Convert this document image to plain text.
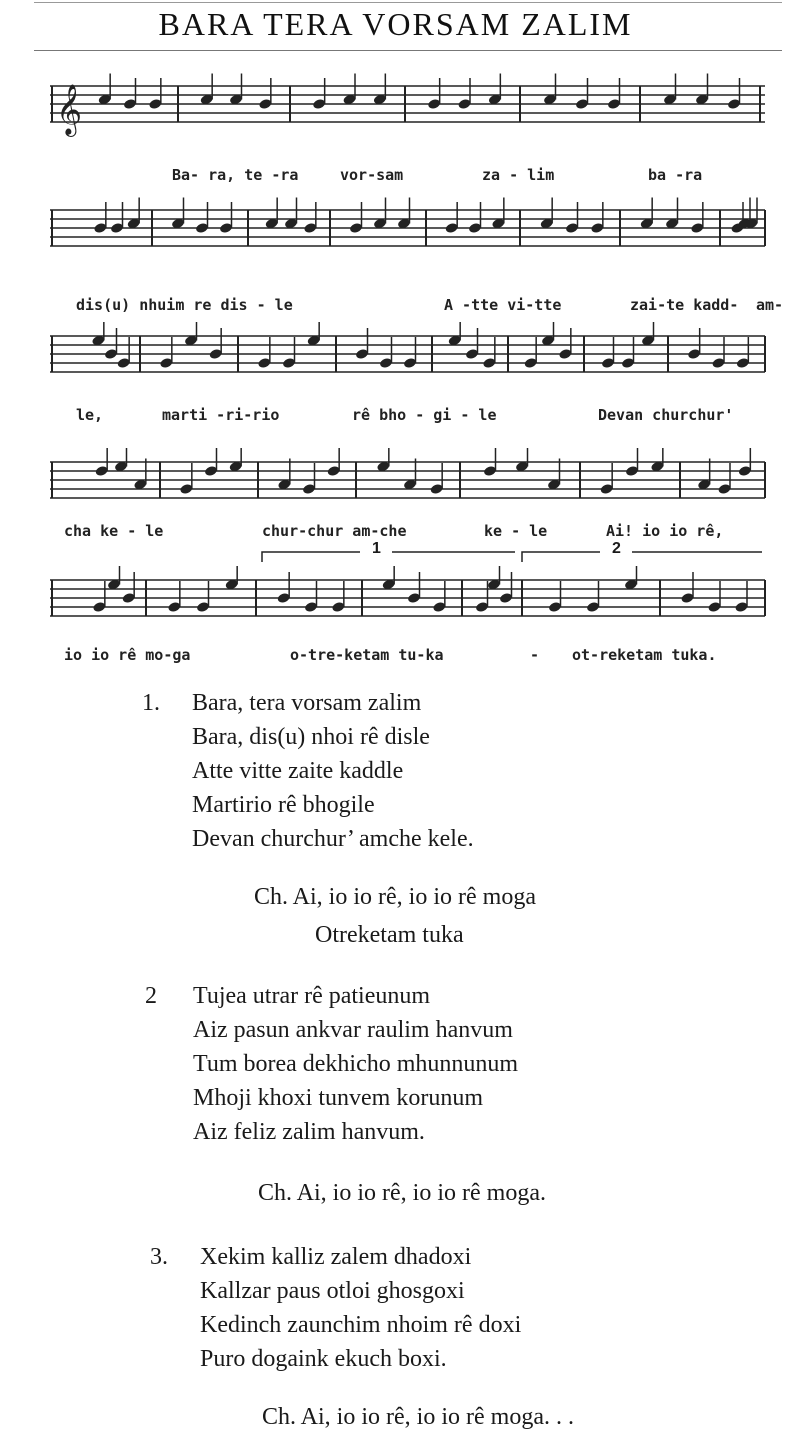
BARA TERA VORSAM ZALIM
𝄞
Ba- ra, te -ra	vor-sam	za - lim	ba -ra
dis(u) nhuim re dis - le	A -tte vi-tte	zai-te kadd- am-
le,	marti -ri-rio	rê bho - gi - le	Devan churchur'
cha ke - le	chur-chur am-che	ke - le	Ai! io io rê,
io io rê mo-ga	o-tre-ketam tu-ka	- ot-reketam tuka.
1	2
1. Bara, tera vorsam zalim
Bara, dis(u) nhoi rê disle
Atte vitte zaite kaddle
Martirio rê bhogile
Devan churchur’ amche kele.
Ch. Ai, io io rê, io io rê moga
Otreketam tuka
2 Tujea utrar rê patieunum
Aiz pasun ankvar raulim hanvum
Tum borea dekhicho mhunnunum
Mhoji khoxi tunvem korunum
Aiz feliz zalim hanvum.
Ch. Ai, io io rê, io io rê moga.
3. Xekim kalliz zalem dhadoxi
Kallzar paus otloi ghosgoxi
Kedinch zaunchim nhoim rê doxi
Puro dogaink ekuch boxi.
Ch. Ai, io io rê, io io rê moga. . .
